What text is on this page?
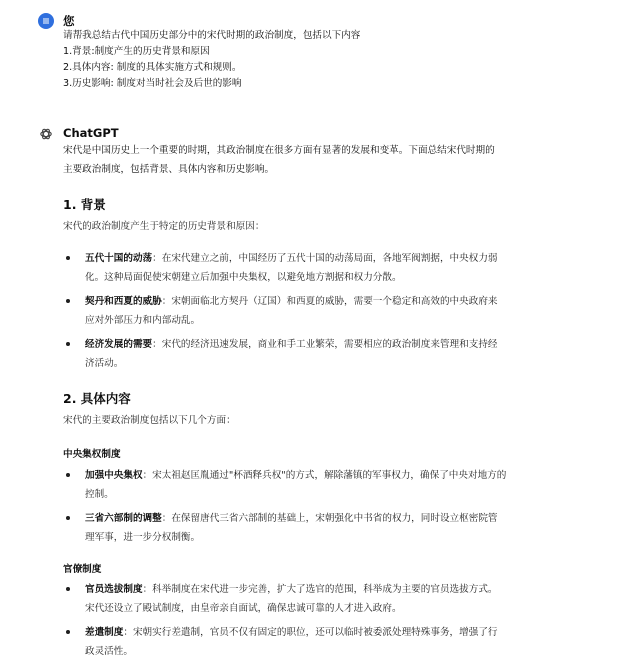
您
请帮我总结古代中国历史部分中的宋代时期的政治制度，包括以下内容
1.背景:制度产生的历史背景和原因
2.具体内容: 制度的具体实施方式和规则。
3.历史影响: 制度对当时社会及后世的影响
ChatGPT
宋代是中国历史上一个重要的时期，其政治制度在很多方面有显著的发展和变革。下面总结宋代时期的
主要政治制度，包括背景、具体内容和历史影响。
1. 背景
宋代的政治制度产生于特定的历史背景和原因：
五代十国的动荡：在宋代建立之前，中国经历了五代十国的动荡局面，各地军阀割据，中央权力弱
化。这种局面促使宋朝建立后加强中央集权，以避免地方割据和权力分散。
契丹和西夏的威胁：宋朝面临北方契丹（辽国）和西夏的威胁，需要一个稳定和高效的中央政府来
应对外部压力和内部动乱。
经济发展的需要：宋代的经济迅速发展，商业和手工业繁荣，需要相应的政治制度来管理和支持经
济活动。
2. 具体内容
宋代的主要政治制度包括以下几个方面：
中央集权制度
加强中央集权：宋太祖赵匡胤通过"杯酒释兵权"的方式，解除藩镇的军事权力，确保了中央对地方的
控制。
三省六部制的调整：在保留唐代三省六部制的基础上，宋朝强化中书省的权力，同时设立枢密院管
理军事，进一步分权制衡。
官僚制度
官员选拔制度：科举制度在宋代进一步完善，扩大了选官的范围，科举成为主要的官员选拔方式。
宋代还设立了殿试制度，由皇帝亲自面试，确保忠诚可靠的人才进入政府。
差遣制度：宋朝实行差遣制，官员不仅有固定的职位，还可以临时被委派处理特殊事务，增强了行
政灵活性。
